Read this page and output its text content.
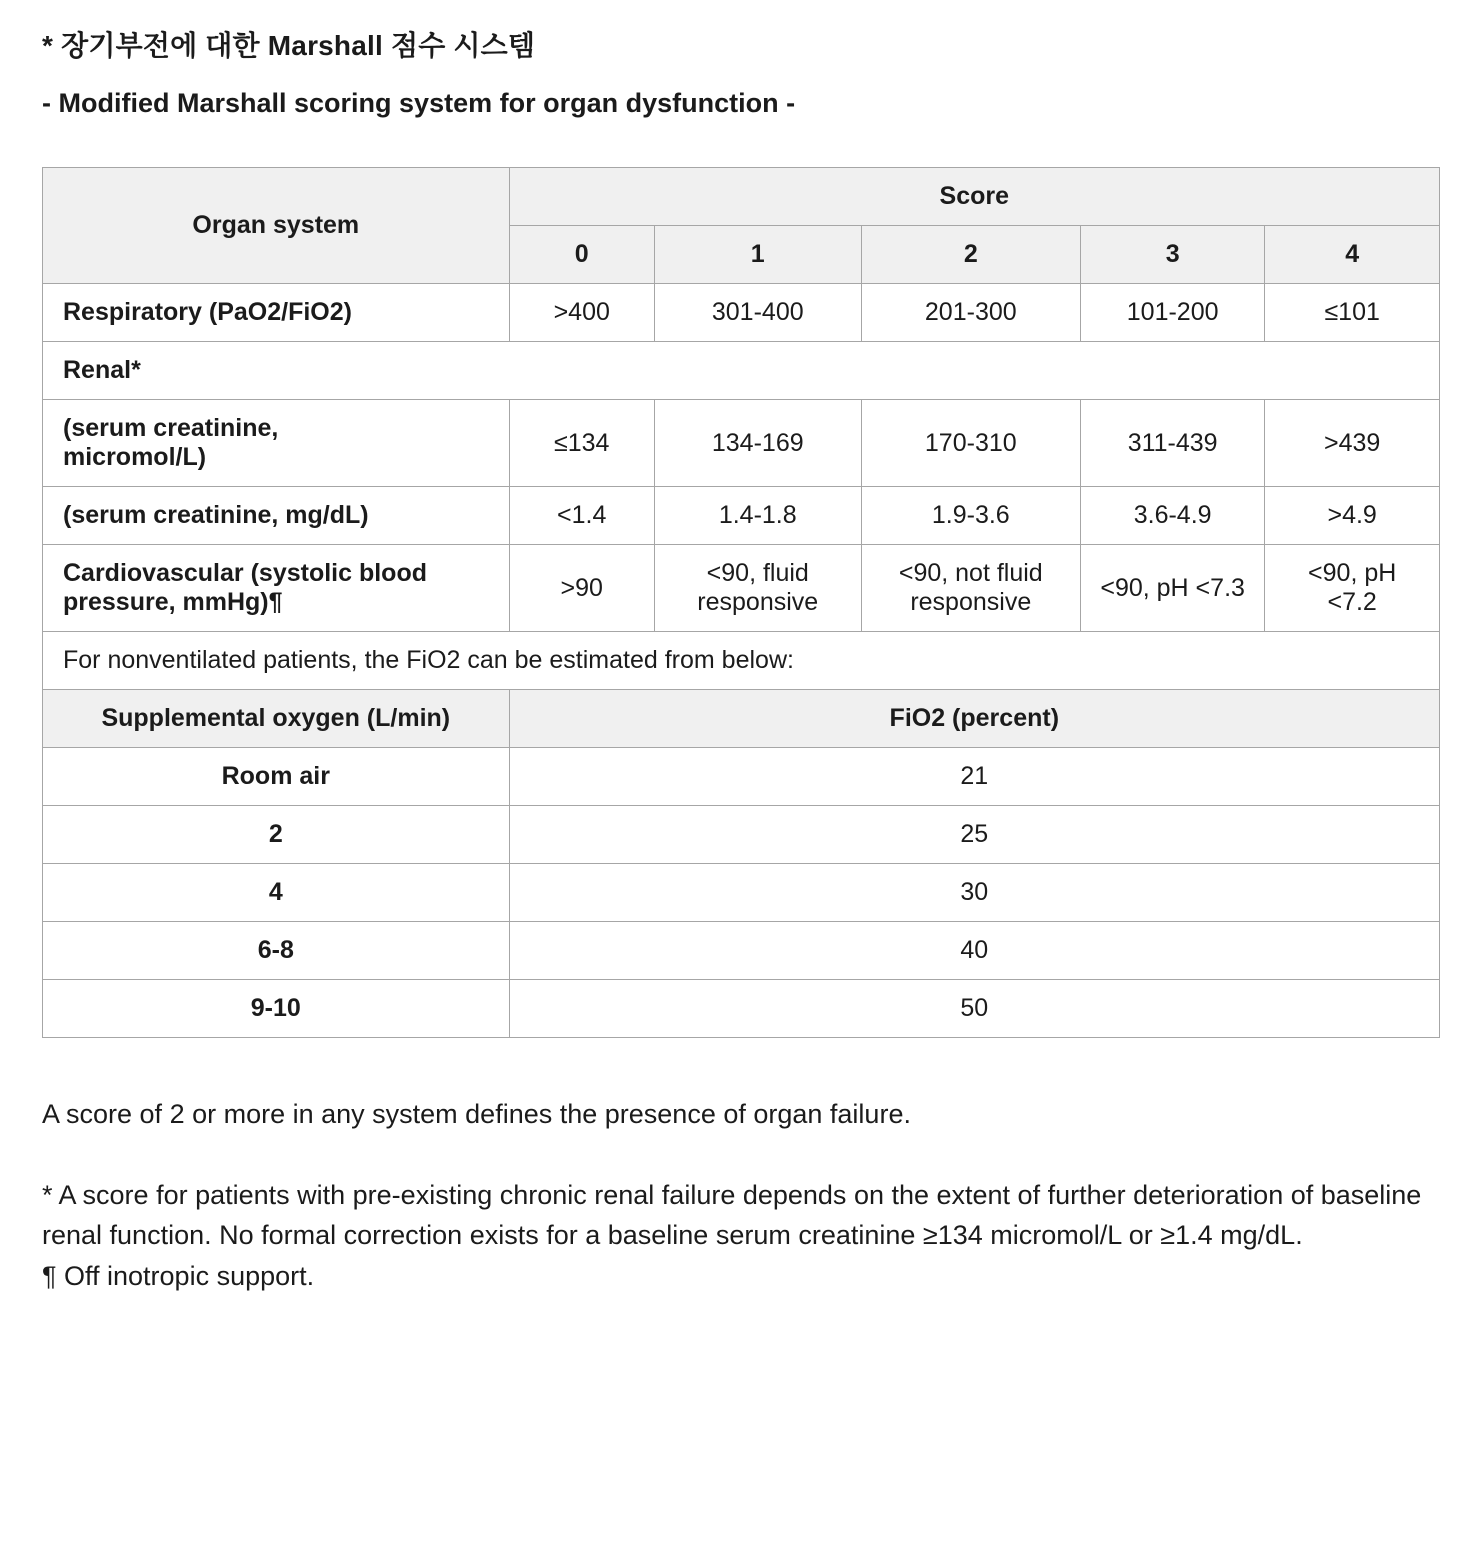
* 장기부전에 대한 Marshall 점수 시스템
- Modified Marshall scoring system for organ dysfunction -
Organ system	Score				
	0	1	2	3	4
Respiratory (PaO2/FiO2)	>400	301-400	201-300	101-200	≤101
Renal*					
(serum creatinine, micromol/L)	≤134	134-169	170-310	311-439	>439
(serum creatinine, mg/dL)	<1.4	1.4-1.8	1.9-3.6	3.6-4.9	>4.9
Cardiovascular (systolic blood pressure, mmHg)¶	>90	<90, fluid responsive	<90, not fluid responsive	<90, pH <7.3	<90, pH <7.2
For nonventilated patients, the FiO2 can be estimated from below:					
Supplemental oxygen (L/min)	FiO2 (percent)				
Room air	21				
2	25				
4	30				
6-8	40				
9-10	50				

A score of 2 or more in any system defines the presence of organ failure.

* A score for patients with pre-existing chronic renal failure depends on the extent of further deterioration of baseline renal function. No formal correction exists for a baseline serum creatinine ≥134 micromol/L or ≥1.4 mg/dL.

¶ Off inotropic support.
